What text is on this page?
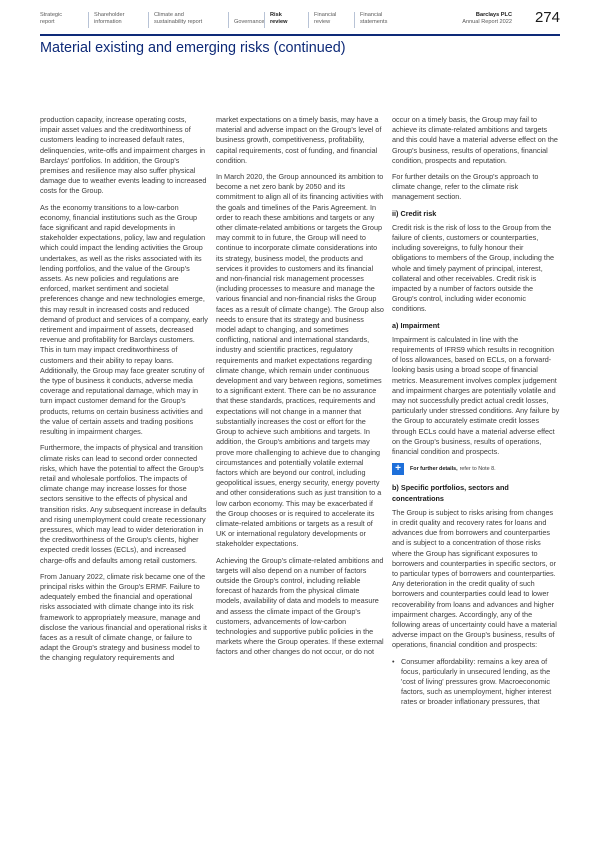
Strategic
report
Shareholder
information
Climate and
sustainability report
	Governance
Risk
review
Financial
review
Financial
statements
Barclays PLC
Annual Report 2022 274
Material existing and emerging risks (continued)

production capacity, increase operating costs, impair asset values and the creditworthiness of customers leading to increased default rates, delinquencies, write-offs and impairment charges in Barclays' portfolios. In addition, the Group's premises and resilience may also suffer physical damage due to weather events leading to increased costs for the Group.

As the economy transitions to a low-carbon economy, financial institutions such as the Group face significant and rapid developments in stakeholder expectations, policy, law and regulation which could impact the lending activities the Group undertakes, as well as the risks associated with its lending portfolios, and the value of the Group's assets. As new policies and regulations are enforced, market sentiment and societal preferences change and new technologies emerge, this may result in increased costs and reduced demand of product and services of a company, early retirement and impairment of assets, decreased revenue and profitability for Barclays customers. This in turn may impact creditworthiness of customers and their ability to repay loans. Additionally, the Group may face greater scrutiny of the type of business it conducts, adverse media coverage and reputational damage, which may in turn impact customer demand for the Group's products, returns on certain business activities and the value of certain assets and trading positions resulting in impairment charges.

Furthermore, the impacts of physical and transition climate risks can lead to second order connected risks, which have the potential to affect the Group's retail and wholesale portfolios. The impacts of climate change may increase losses for those sectors sensitive to the effects of physical and transition risks. Any subsequent increase in defaults and rising unemployment could create recessionary pressures, which may lead to wider deterioration in the creditworthiness of the Group's clients, higher expected credit losses (ECLs), and increased charge-offs and defaults among retail customers.

From January 2022, climate risk became one of the principal risks within the Group's ERMF. Failure to adequately embed the financial and operational risks associated with climate change into its risk framework to appropriately measure, manage and disclose the various financial and operational risks it faces as a result of climate change, or failure to adapt the Group's strategy and business model to the changing regulatory requirements and

market expectations on a timely basis, may have a material and adverse impact on the Group's level of business growth, competitiveness, profitability, capital requirements, cost of funding, and financial condition.

In March 2020, the Group announced its ambition to become a net zero bank by 2050 and its commitment to align all of its financing activities with the goals and timelines of the Paris Agreement. In order to reach these ambitions and targets or any other climate-related ambitions or targets the Group may commit to in future, the Group will need to continue to incorporate climate considerations into its strategy, business model, the products and services it provides to customers and its financial and non-financial risk management processes (including processes to measure and manage the various financial and non-financial risks the Group faces as a result of climate change). The Group also needs to ensure that its strategy and business model adapt to changing, and sometimes conflicting, national and international standards, industry and scientific practices, regulatory requirements and market expectations regarding climate change, which remain under continuous development and vary between regions, sometimes to a significant extent. There can be no assurance that these standards, practices, requirements and expectations will not change in a manner that substantially increases the cost or effort for the Group to achieve such ambitions and targets. In addition, the Group's ambitions and targets may prove more challenging to achieve due to changing circumstances and potentially volatile external factors which are beyond our control, including geopolitical issues, energy security, energy poverty and other considerations such as just transition to a low carbon economy. This may be exacerbated if the Group chooses or is required to accelerate its climate-related ambitions or targets as a result of UK or international regulatory developments or stakeholder expectations.

Achieving the Group's climate-related ambitions and targets will also depend on a number of factors outside the Group's control, including reliable forecast of hazards from the physical climate models, availability of data and models to measure and assess the climate impact of the Group's customers, advancements of low-carbon technologies and supportive public policies in the markets where the Group operates. If these external factors and other changes do not occur, or do not

occur on a timely basis, the Group may fail to achieve its climate-related ambitions and targets and this could have a material adverse effect on the Group's business, results of operations, financial condition, prospects and reputation.

For further details on the Group's approach to climate change, refer to the climate risk management section.

ii) Credit risk

Credit risk is the risk of loss to the Group from the failure of clients, customers or counterparties, including sovereigns, to fully honour their obligations to members of the Group, including the whole and timely payment of principal, interest, collateral and other receivables. Credit risk is impacted by a number of factors outside the Group's control, including wider economic conditions.

a) Impairment

Impairment is calculated in line with the requirements of IFRS9 which results in recognition of loss allowances, based on ECLs, on a forward-looking basis using a broad scope of financial metrics. Measurement involves complex judgement and impairment charges are potentially volatile and may not successfully predict actual credit losses, particularly under stressed conditions. Any failure by the Group to accurately estimate credit losses through ECLs could have a material adverse effect on the Group's business, results of operations, financial condition and prospects.

+	For further details, refer to Note 8.
b) Specific portfolios, sectors and concentrations

The Group is subject to risks arising from changes in credit quality and recovery rates for loans and advances due from borrowers and counterparties and is subject to a concentration of those risks where the Group has significant exposures to borrowers and counterparties in specific sectors, or to particular types of borrowers and counterparties. Any deterioration in the credit quality of such borrowers and counterparties could lead to lower recoverability from loans and advances and higher impairment charges. Accordingly, any of the following areas of uncertainty could have a material adverse impact on the Group's business, results of operations, financial condition and prospects:

• Consumer affordability: remains a key area of focus, particularly in unsecured lending, as the 'cost of living' pressures grow. Macroeconomic factors, such as unemployment, higher interest rates or broader inflationary pressures, that
